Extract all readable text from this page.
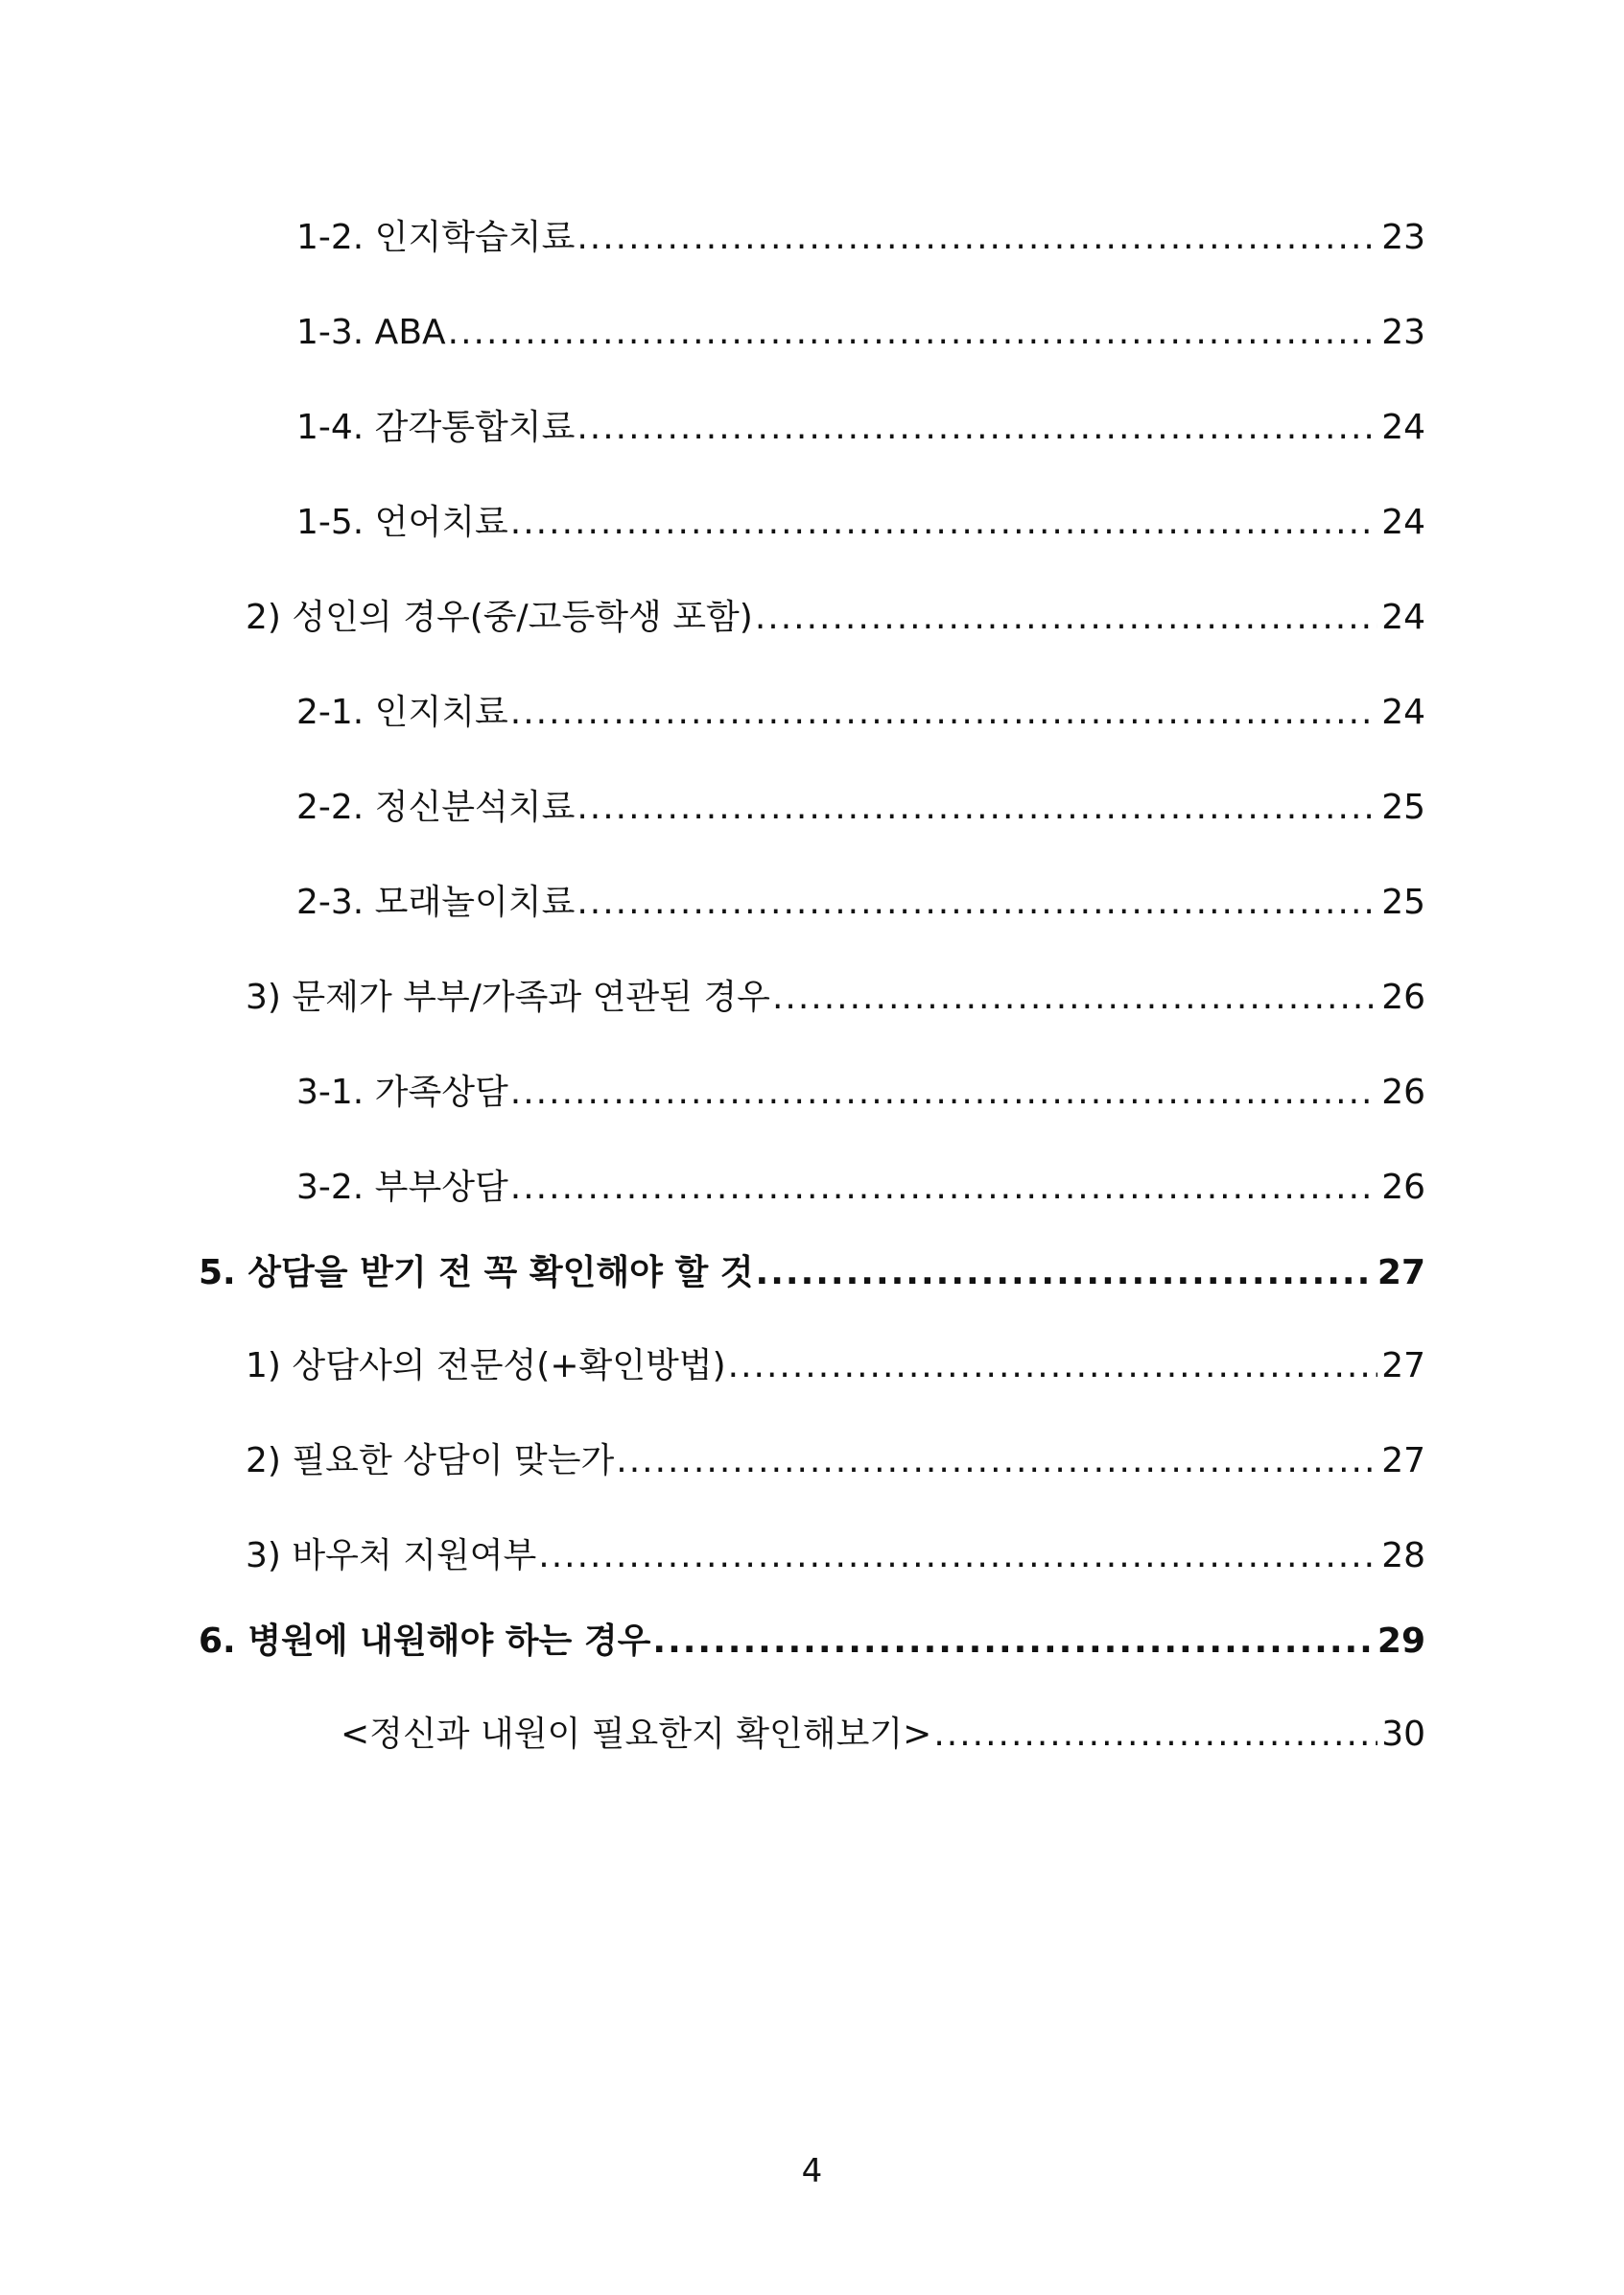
1-2. 인지학습치료 .....	23
1-3. ABA .....	23
1-4. 감각통합치료 .....	24
1-5. 언어치료 .....	24
2) 성인의 경우(중/고등학생 포함) .....	24
2-1. 인지치료 .....	24
2-2. 정신분석치료 .....	25
2-3. 모래놀이치료 .....	25
3) 문제가 부부/가족과 연관된 경우 .....	26
3-1. 가족상담 .....	26
3-2. 부부상담 .....	26
5. 상담을 받기 전 꼭 확인해야 할 것 .....	27
1) 상담사의 전문성(+확인방법) .....	27
2) 필요한 상담이 맞는가 .....	27
3) 바우처 지원여부 .....	28
6. 병원에 내원해야 하는 경우 .....	29
<정신과 내원이 필요한지 확인해보기> .....	30
4
